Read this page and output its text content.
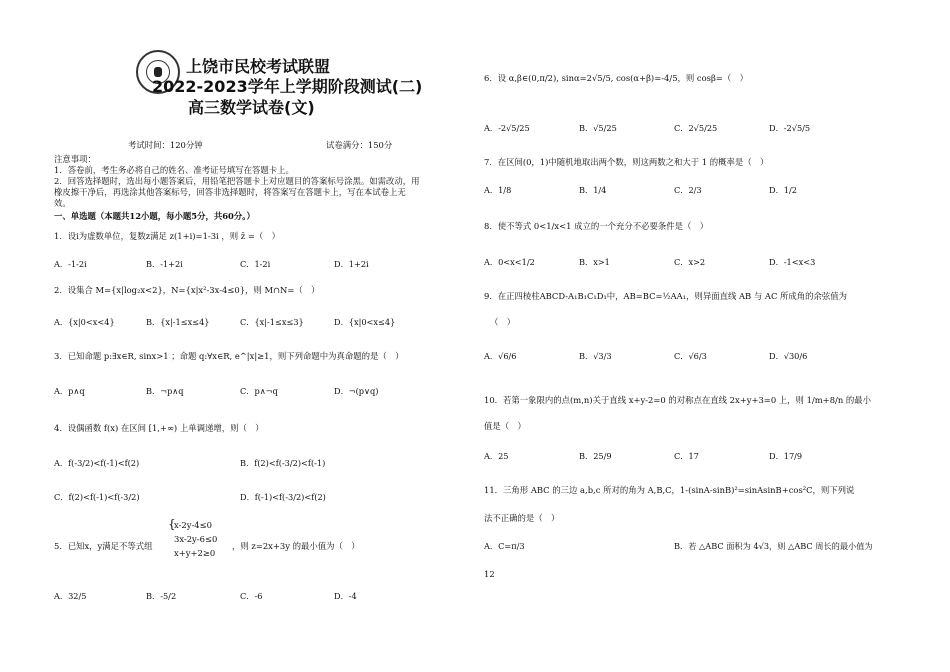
上饶市民校考试联盟
2022-2023学年上学期阶段测试(二)
高三数学试卷(文)
考试时间：120分钟	试卷满分：150分
注意事项：
1．答卷前，考生务必将自己的姓名、准考证号填写在答题卡上。
2．回答选择题时，选出每小题答案后，用铅笔把答题卡上对应题目的答案标号涂黑。如需改动，用
橡皮擦干净后，再选涂其他答案标号，回答非选择题时，将答案写在答题卡上，写在本试卷上无
效。
一、单选题（本题共12小题，每小题5分，共60分。）
1．设i为虚数单位，复数z满足 z(1+i)=1-3i ，则 z̄ =（　）
A．-1-2i	B．-1+2i	C．1-2i	D．1+2i
2．设集合 M={x|log₂x<2}，N={x|x²-3x-4≤0}，则 M∩N=（　）
A．{x|0<x<4}	B．{x|-1≤x≤4}	C．{x|-1≤x≤3}	D．{x|0<x≤4}
3．已知命题 p:∃x∈R, sinx>1 ；命题 q:∀x∈R, e^|x|≥1，则下列命题中为真命题的是（　）
A．p∧q	B．¬p∧q	C．p∧¬q	D．¬(p∨q)
4．设偶函数 f(x) 在区间 [1,+∞) 上单调递增，则（　）
A．f(-3/2)<f(-1)<f(2)	B．f(2)<f(-3/2)<f(-1)
C．f(2)<f(-1)<f(-3/2)	D．f(-1)<f(-3/2)<f(2)
5．已知x，y满足不等式组
{
x-2y-4≤0
3x-2y-6≤0
x+y+2≥0
，则 z=2x+3y 的最小值为（　）
A．32/5	B．-5/2	C．-6	D．-4
6．设 α,β∈(0,π/2), sinα=2√5/5, cos(α+β)=-4/5，则 cosβ=（　）
A．-2√5/25	B．√5/25	C．2√5/25	D．-2√5/5
7．在区间(0，1)中随机地取出两个数，则这两数之和大于 1 的概率是（　）
A．1/8	B．1/4	C．2/3	D．1/2
8．使不等式 0<1/x<1 成立的一个充分不必要条件是（　）
A．0<x<1/2	B．x>1	C．x>2	D．-1<x<3
9．在正四棱柱ABCD-A₁B₁C₁D₁中，AB=BC=½AA₁，则异面直线 AB 与 AC 所成角的余弦值为
（　）
A．√6/6	B．√3/3	C．√6/3	D．√30/6
10．若第一象限内的点(m,n)关于直线 x+y-2=0 的对称点在直线 2x+y+3=0 上，则 1/m+8/n 的最小
值是（　）
A．25	B．25/9	C．17	D．17/9
11．三角形 ABC 的三边 a,b,c 所对的角为 A,B,C，1-(sinA-sinB)²=sinAsinB+cos²C，则下列说
法不正确的是（　）
A．C=π/3	B．若 △ABC 面积为 4√3，则 △ABC 周长的最小值为
12
